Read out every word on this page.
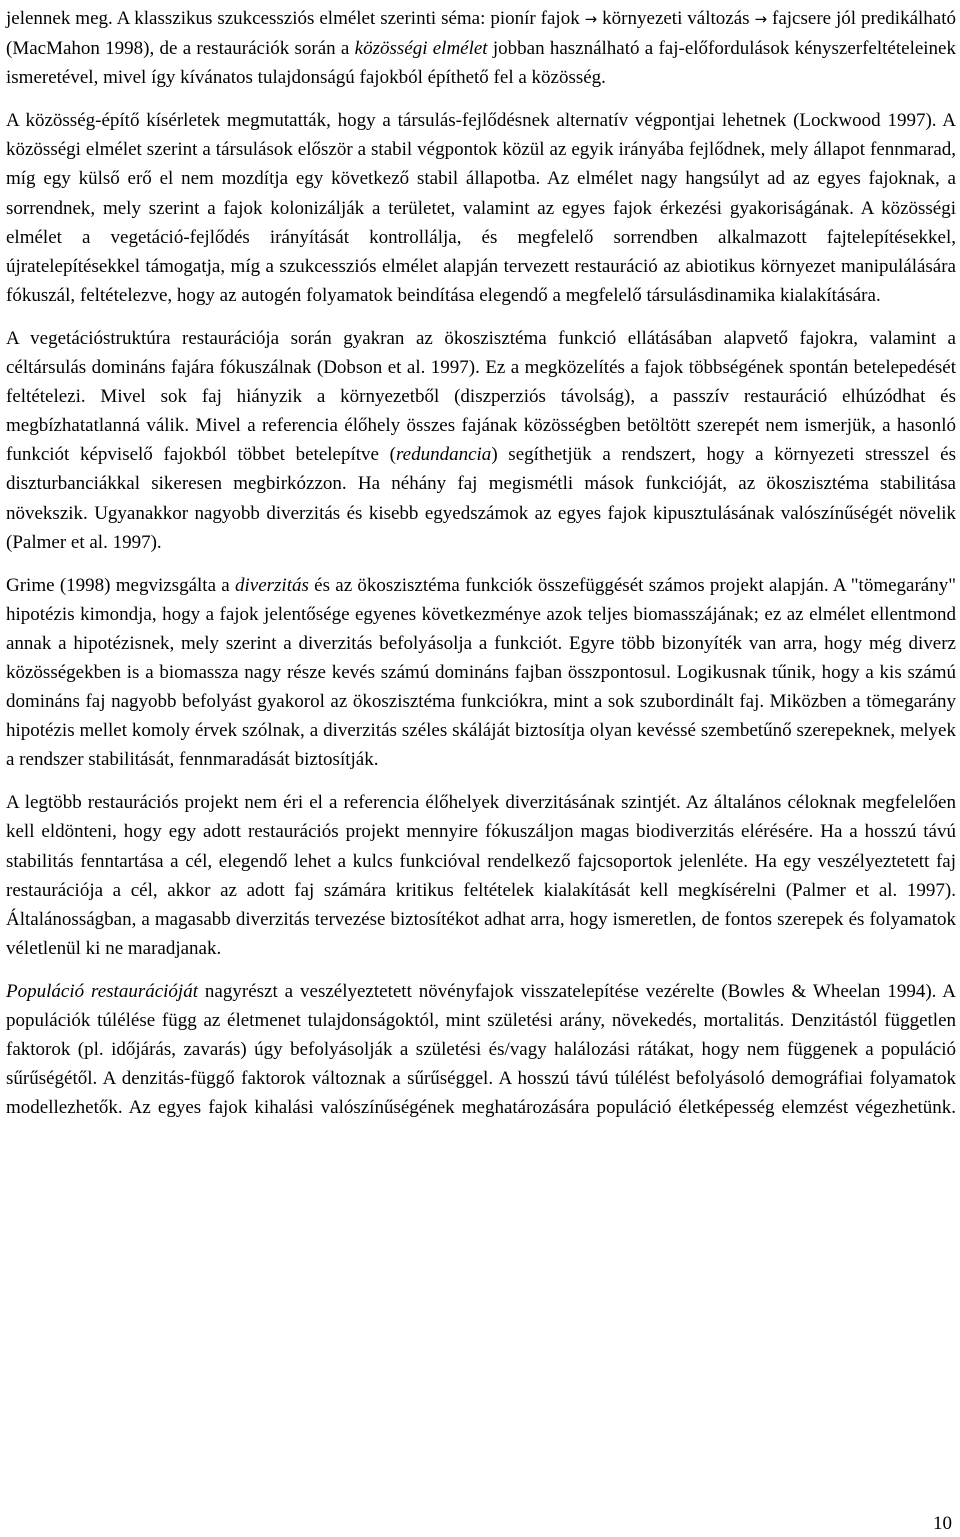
jelennek meg. A klasszikus szukcessziós elmélet szerinti séma: pionír fajok → környezeti változás → fajcsere jól predikálható (MacMahon 1998), de a restaurációk során a közösségi elmélet jobban használható a faj-előfordulások kényszerfeltételeinek ismeretével, mivel így kívánatos tulajdonságú fajokból építhető fel a közösség.

A közösség-építő kísérletek megmutatták, hogy a társulás-fejlődésnek alternatív végpontjai lehetnek (Lockwood 1997). A közösségi elmélet szerint a társulások először a stabil végpontok közül az egyik irányába fejlődnek, mely állapot fennmarad, míg egy külső erő el nem mozdítja egy következő stabil állapotba. Az elmélet nagy hangsúlyt ad az egyes fajoknak, a sorrendnek, mely szerint a fajok kolonizálják a területet, valamint az egyes fajok érkezési gyakoriságának. A közösségi elmélet a vegetáció-fejlődés irányítását kontrollálja, és megfelelő sorrendben alkalmazott fajtelepítésekkel, újratelepítésekkel támogatja, míg a szukcessziós elmélet alapján tervezett restauráció az abiotikus környezet manipulálására fókuszál, feltételezve, hogy az autogén folyamatok beindítása elegendő a megfelelő társulásdinamika kialakítására.

A vegetációstruktúra restaurációja során gyakran az ökoszisztéma funkció ellátásában alapvető fajokra, valamint a céltársulás domináns fajára fókuszálnak (Dobson et al. 1997). Ez a megközelítés a fajok többségének spontán betelepedését feltételezi. Mivel sok faj hiányzik a környezetből (diszperziós távolság), a passzív restauráció elhúzódhat és megbízhatatlanná válik. Mivel a referencia élőhely összes fajának közösségben betöltött szerepét nem ismerjük, a hasonló funkciót képviselő fajokból többet betelepítve (redundancia) segíthetjük a rendszert, hogy a környezeti stresszel és diszturbanciákkal sikeresen megbirkózzon. Ha néhány faj megismétli mások funkcióját, az ökoszisztéma stabilitása növekszik. Ugyanakkor nagyobb diverzitás és kisebb egyedszámok az egyes fajok kipusztulásának valószínűségét növelik (Palmer et al. 1997).

Grime (1998) megvizsgálta a diverzitás és az ökoszisztéma funkciók összefüggését számos projekt alapján. A "tömegarány" hipotézis kimondja, hogy a fajok jelentősége egyenes következménye azok teljes biomasszájának; ez az elmélet ellentmond annak a hipotézisnek, mely szerint a diverzitás befolyásolja a funkciót. Egyre több bizonyíték van arra, hogy még diverz közösségekben is a biomassza nagy része kevés számú domináns fajban összpontosul. Logikusnak tűnik, hogy a kis számú domináns faj nagyobb befolyást gyakorol az ökoszisztéma funkciókra, mint a sok szubordinált faj. Miközben a tömegarány hipotézis mellet komoly érvek szólnak, a diverzitás széles skáláját biztosítja olyan kevéssé szembetűnő szerepeknek, melyek a rendszer stabilitását, fennmaradását biztosítják.

A legtöbb restaurációs projekt nem éri el a referencia élőhelyek diverzitásának szintjét. Az általános céloknak megfelelően kell eldönteni, hogy egy adott restaurációs projekt mennyire fókuszáljon magas biodiverzitás elérésére. Ha a hosszú távú stabilitás fenntartása a cél, elegendő lehet a kulcs funkcióval rendelkező fajcsoportok jelenléte. Ha egy veszélyeztetett faj restaurációja a cél, akkor az adott faj számára kritikus feltételek kialakítását kell megkísérelni (Palmer et al. 1997). Általánosságban, a magasabb diverzitás tervezése biztosítékot adhat arra, hogy ismeretlen, de fontos szerepek és folyamatok véletlenül ki ne maradjanak.

Populáció restaurációját nagyrészt a veszélyeztetett növényfajok visszatelepítése vezérelte (Bowles & Wheelan 1994). A populációk túlélése függ az életmenet tulajdonságoktól, mint születési arány, növekedés, mortalitás. Denzitástól független faktorok (pl. időjárás, zavarás) úgy befolyásolják a születési és/vagy halálozási rátákat, hogy nem függenek a populáció sűrűségétől. A denzitás-függő faktorok változnak a sűrűséggel. A hosszú távú túlélést befolyásoló demográfiai folyamatok modellezhetők. Az egyes fajok kihalási valószínűségének meghatározására populáció életképesség elemzést végezhetünk.

10
